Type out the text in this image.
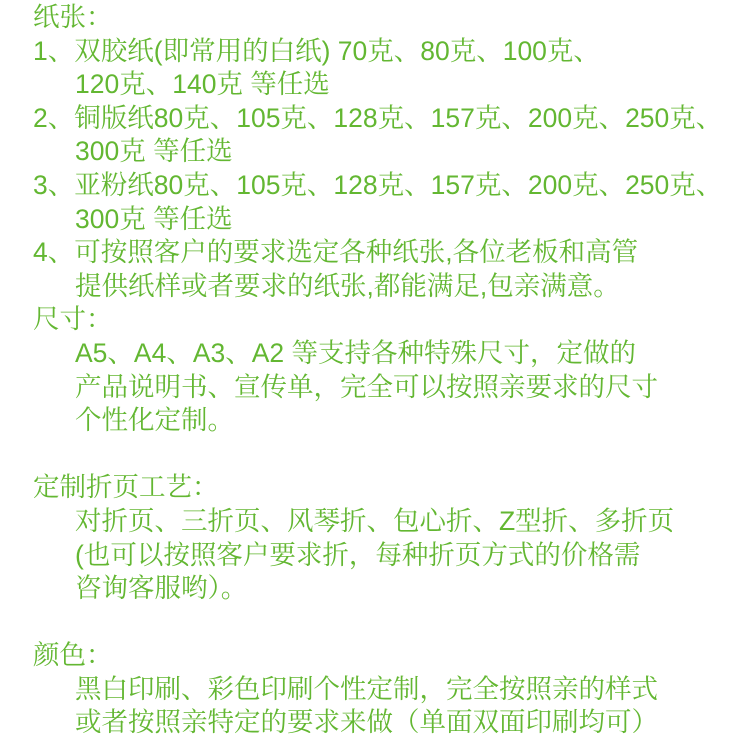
纸张：
1、双胶纸(即常用的白纸) 70克、80克、100克、
120克、140克 等任选
2、铜版纸80克、105克、128克、157克、200克、250克、
300克 等任选
3、亚粉纸80克、105克、128克、157克、200克、250克、
300克 等任选
4、可按照客户的要求选定各种纸张,各位老板和高管
提供纸样或者要求的纸张,都能满足,包亲满意。
尺寸：
A5、A4、A3、A2 等支持各种特殊尺寸，定做的
产品说明书、宣传单，完全可以按照亲要求的尺寸
个性化定制。
定制折页工艺：
对折页、三折页、风琴折、包心折、Z型折、多折页
(也可以按照客户要求折，每种折页方式的价格需
咨询客服哟）。
颜色：
黑白印刷、彩色印刷个性定制，完全按照亲的样式
或者按照亲特定的要求来做（单面双面印刷均可）
